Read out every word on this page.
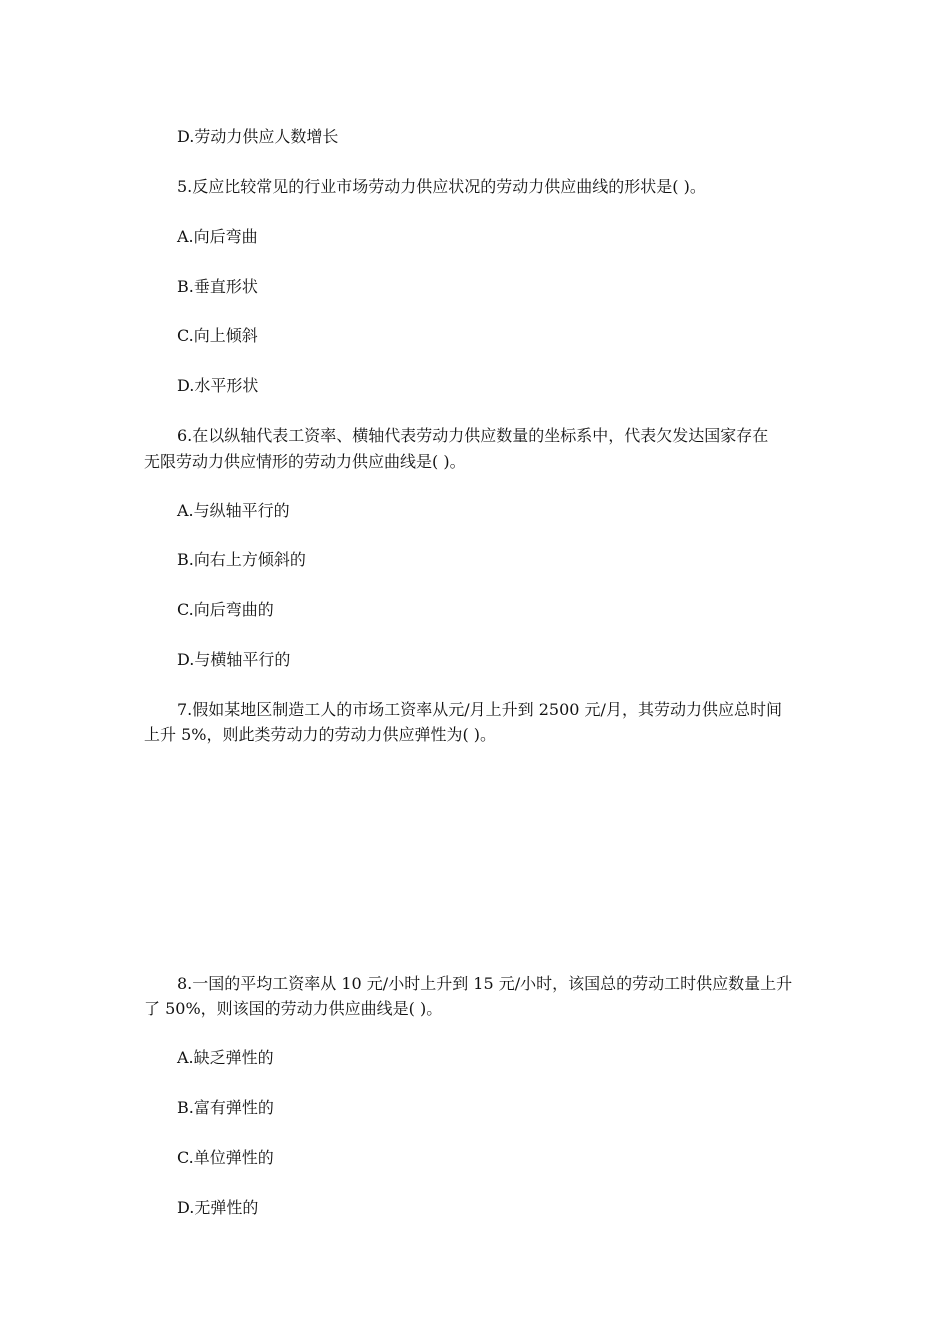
D.劳动力供应人数增长
5.反应比较常见的行业市场劳动力供应状况的劳动力供应曲线的形状是( )。
A.向后弯曲
B.垂直形状
C.向上倾斜
D.水平形状
6.在以纵轴代表工资率、横轴代表劳动力供应数量的坐标系中，代表欠发达国家存在
无限劳动力供应情形的劳动力供应曲线是( )。
A.与纵轴平行的
B.向右上方倾斜的
C.向后弯曲的
D.与横轴平行的
7.假如某地区制造工人的市场工资率从元/月上升到 2500 元/月，其劳动力供应总时间
上升 5%，则此类劳动力的劳动力供应弹性为( )。
8.一国的平均工资率从 10 元/小时上升到 15 元/小时，该国总的劳动工时供应数量上升
了 50%，则该国的劳动力供应曲线是( )。
A.缺乏弹性的
B.富有弹性的
C.单位弹性的
D.无弹性的
